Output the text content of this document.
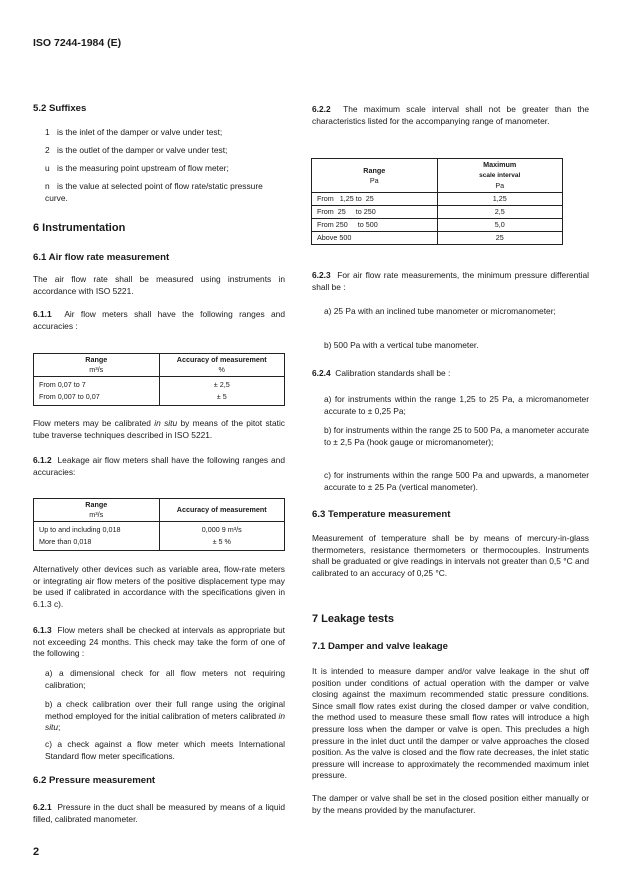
ISO 7244-1984 (E)
5.2 Suffixes
1 is the inlet of the damper or valve under test;
2 is the outlet of the damper or valve under test;
u is the measuring point upstream of flow meter;
n is the value at selected point of flow rate/static pressure curve.
6 Instrumentation
6.1 Air flow rate measurement
The air flow rate shall be measured using instruments in accordance with ISO 5221.
6.1.1 Air flow meters shall have the following ranges and accuracies :
Range
m³/s	Accuracy of measurement
%
From 0,07 to 7	± 2,5
From 0,007 to 0,07	± 5
Flow meters may be calibrated in situ by means of the pitot static tube traverse techniques described in ISO 5221.
6.1.2 Leakage air flow meters shall have the following ranges and accuracies:
Range
m³/s	Accuracy of measurement
Up to and including 0,018	0,000 9 m³/s
More than 0,018	± 5 %
Alternatively other devices such as variable area, flow-rate meters or integrating air flow meters of the positive displacement type may be used if calibrated in accordance with the specifications given in 6.1.3 c).
6.1.3 Flow meters shall be checked at intervals as appropriate but not exceeding 24 months. This check may take the form of one of the following :
a) a dimensional check for all flow meters not requiring calibration;
b) a check calibration over their full range using the original method employed for the initial calibration of meters calibrated in situ;
c) a check against a flow meter which meets International Standard flow meter specifications.
6.2 Pressure measurement
6.2.1 Pressure in the duct shall be measured by means of a liquid filled, calibrated manometer.
2
6.2.2 The maximum scale interval shall not be greater than the characteristics listed for the accompanying range of manometer.
Range
Pa	Maximum
scale interval
Pa
From   1,25 to  25	1,25
From  25     to 250	2,5
From 250     to 500	5,0
Above 500	25
6.2.3 For air flow rate measurements, the minimum pressure differential shall be :
a) 25 Pa with an inclined tube manometer or micromanometer;
b) 500 Pa with a vertical tube manometer.
6.2.4 Calibration standards shall be :
a) for instruments within the range 1,25 to 25 Pa, a micromanometer accurate to ± 0,25 Pa;
b) for instruments within the range 25 to 500 Pa, a manometer accurate to ± 2,5 Pa (hook gauge or micromanometer);
c) for instruments within the range 500 Pa and upwards, a manometer accurate to ± 25 Pa (vertical manometer).
6.3 Temperature measurement
Measurement of temperature shall be by means of mercury-in-glass thermometers, resistance thermometers or thermocouples. Instruments shall be graduated or give readings in intervals not greater than 0,5 °C and calibrated to an accuracy of 0,25 °C.
7 Leakage tests
7.1 Damper and valve leakage
It is intended to measure damper and/or valve leakage in the shut off position under conditions of actual operation with the damper or valve closing against the maximum recommended static pressure conditions. Since small flow rates exist during the closed damper or valve condition, the method used to measure these small flow rates will introduce a high pressure loss when the damper or valve is open. This precludes a high pressure in the inlet duct until the damper or valve approaches the closed position. As the valve is closed and the flow rate decreases, the inlet static pressure will increase to approximately the recommended maximum inlet pressure.
The damper or valve shall be set in the closed position either manually or by the means provided by the manufacturer.
